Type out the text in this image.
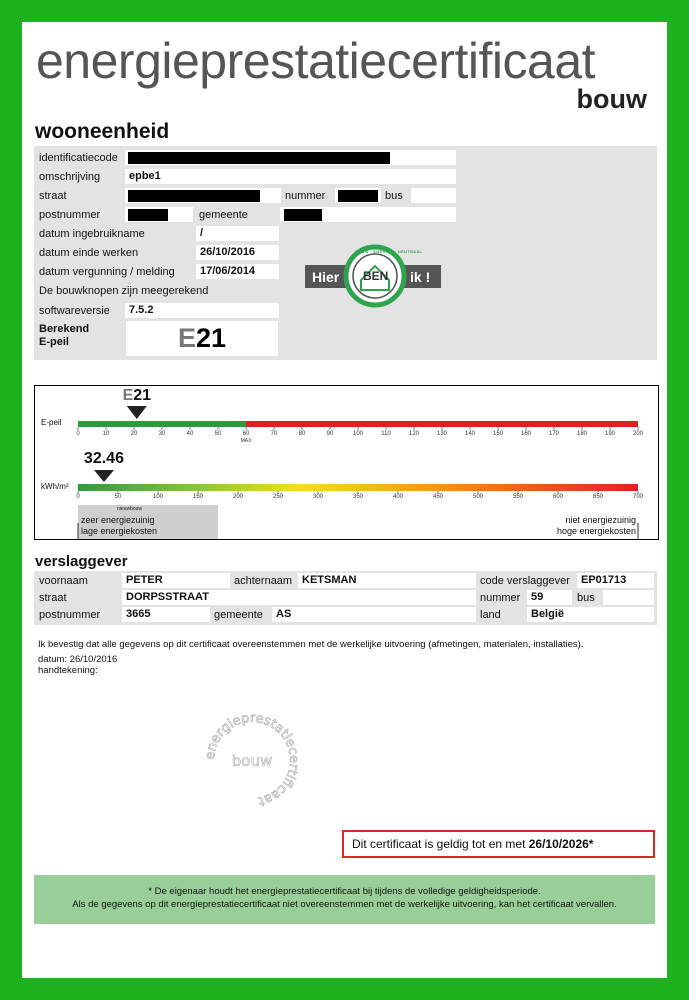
energieprestatiecertificaat
bouw
wooneenheid
identificatiecode
omschrijving	epbe1
straat	nummer	bus
postnummer	gemeente
datum ingebruikname	/
datum einde werken	26/10/2016
datum vergunning / melding	17/06/2014
De bouwknopen zijn meegerekend
softwareversie	7.5.2
Berekend
E-peil	E21
Hier BEN ik !
BOUW · ENERGIE · NEUTRAAL
E-peil
E21
0	10	20	30	40	50	60	70	80	90	100	110	120	130	140	150	160	170	180	190	200
MAX
kWh/m²
32.46
0	50	100	150	200	250	300	350	400	450	500	550	600	650	700
nieuwbouw
zeer energiezuinig
lage energiekosten
niet energiezuinig
hoge energiekosten
verslaggever
voornaam	PETER	achternaam KETSMAN	code verslaggever	EP01713
straat	DORPSSTRAAT	nummer 59	bus
postnummer	3665	gemeente	AS	land	België
Ik bevestig dat alle gegevens op dit certificaat overeenstemmen met de werkelijke uitvoering (afmetingen, materialen, installaties).
datum: 26/10/2016
handtekening:
energieprestatiecertificaat
bouw
Dit certificaat is geldig tot en met 26/10/2026*
* De eigenaar houdt het energieprestatiecertificaat bij tijdens de volledige geldigheidsperiode.
Als de gegevens op dit energieprestatiecertificaat niet overeenstemmen met de werkelijke uitvoering, kan het certificaat vervallen.
